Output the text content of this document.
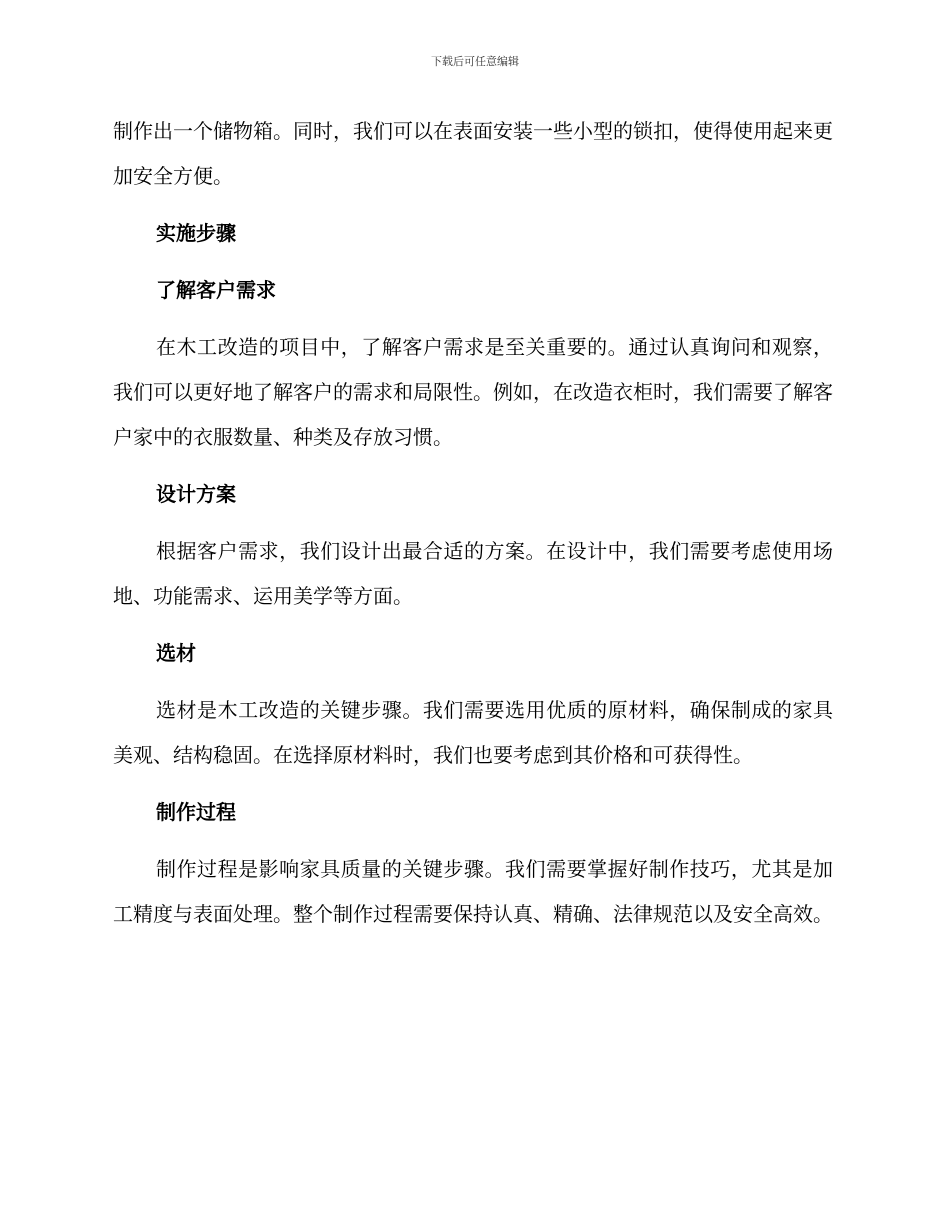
下载后可任意编辑

制作出一个储物箱。同时，我们可以在表面安装一些小型的锁扣，使得使用起来更加安全方便。

实施步骤
了解客户需求

在木工改造的项目中，了解客户需求是至关重要的。通过认真询问和观察，我们可以更好地了解客户的需求和局限性。例如，在改造衣柜时，我们需要了解客户家中的衣服数量、种类及存放习惯。

设计方案

根据客户需求，我们设计出最合适的方案。在设计中，我们需要考虑使用场地、功能需求、运用美学等方面。

选材

选材是木工改造的关键步骤。我们需要选用优质的原材料，确保制成的家具美观、结构稳固。在选择原材料时，我们也要考虑到其价格和可获得性。

制作过程

制作过程是影响家具质量的关键步骤。我们需要掌握好制作技巧，尤其是加工精度与表面处理。整个制作过程需要保持认真、精确、法律规范以及安全高效。
